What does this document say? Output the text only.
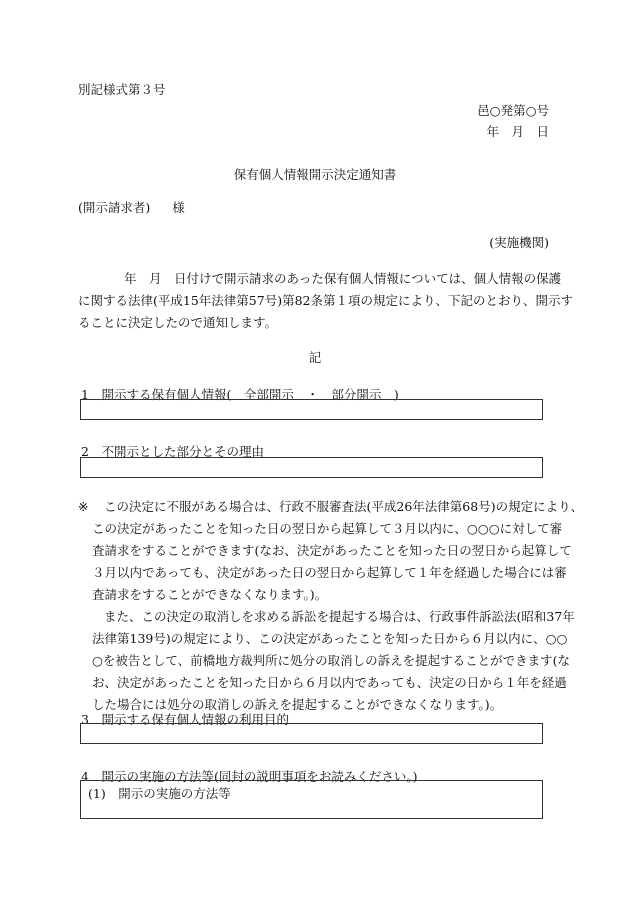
別記様式第３号
邑○発第○号
年　月　日
保有個人情報開示決定通知書
(開示請求者) 様
(実施機関)
年　月　日付けで開示請求のあった保有個人情報については、個人情報の保護
に関する法律(平成15年法律第57号)第82条第１項の規定により、下記のとおり、開示す
ることに決定したので通知します。
記
1　開示する保有個人情報(　全部開示　・　部分開示　)
2　不開示とした部分とその理由
※	この決定に不服がある場合は、行政不服審査法(平成26年法律第68号)の規定により、
この決定があったことを知った日の翌日から起算して３月以内に、○○○に対して審
査請求をすることができます(なお、決定があったことを知った日の翌日から起算して
３月以内であっても、決定があった日の翌日から起算して１年を経過した場合には審
査請求をすることができなくなります。)。
また、この決定の取消しを求める訴訟を提起する場合は、行政事件訴訟法(昭和37年
法律第139号)の規定により、この決定があったことを知った日から６月以内に、○○
○を被告として、前橋地方裁判所に処分の取消しの訴えを提起することができます(な
お、決定があったことを知った日から６月以内であっても、決定の日から１年を経過
した場合には処分の取消しの訴えを提起することができなくなります。)。
3　開示する保有個人情報の利用目的
4　開示の実施の方法等(同封の説明事項をお読みください。)
(1)　開示の実施の方法等
